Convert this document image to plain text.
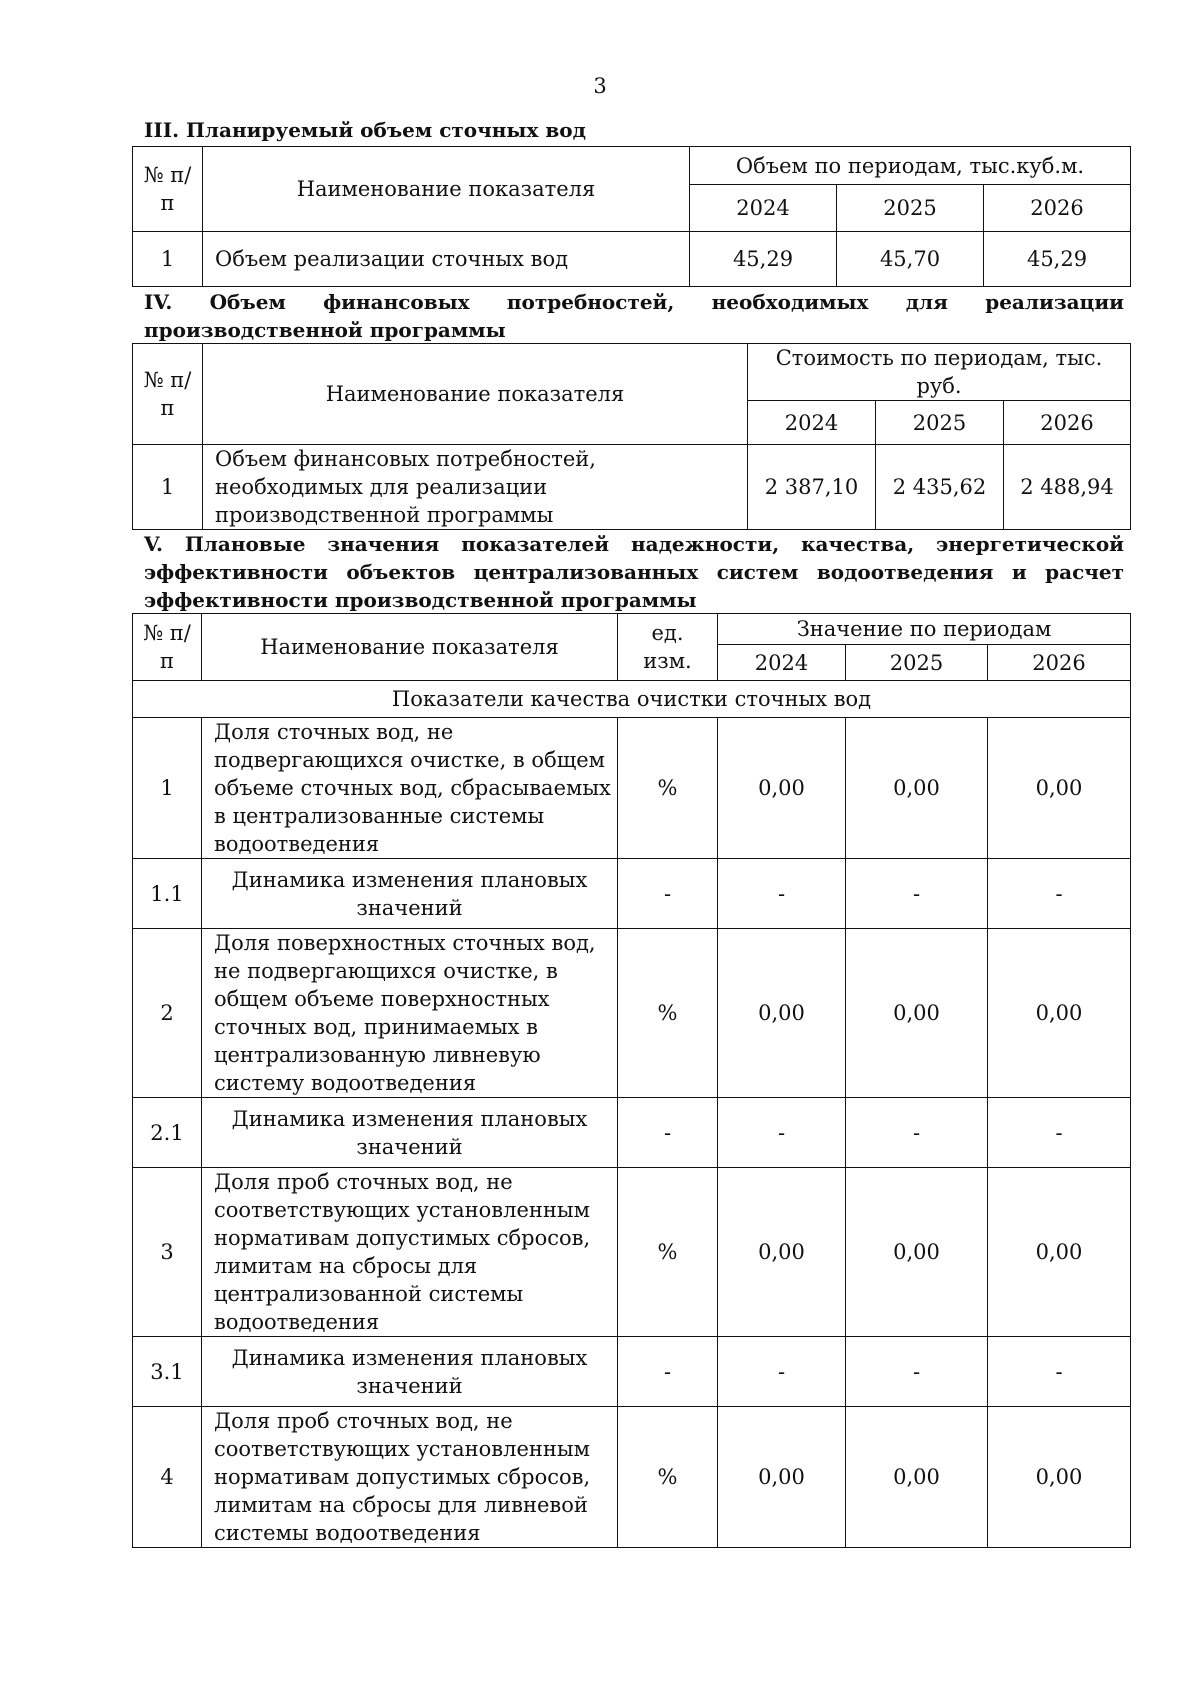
3

III. Планируемый объем сточных вод

№ п/п	Наименование показателя	Объем по периодам, тыс.куб.м.		
		2024	2025	2026
1	Объем реализации сточных вод	45,29	45,70	45,29

IV. Объем финансовых потребностей, необходимых для реализации производственной программы

№ п/п	Наименование показателя	Стоимость по периодам, тыс. руб.		
		2024	2025	2026
1	Объем финансовых потребностей, необходимых для реализации производственной программы	2 387,10	2 435,62	2 488,94

V. Плановые значения показателей надежности, качества, энергетической эффективности объектов централизованных систем водоотведения и расчет эффективности производственной программы

№ п/п	Наименование показателя	ед. изм.	Значение по периодам		
			2024	2025	2026
Показатели качества очистки сточных вод					
1	Доля сточных вод, не подвергающихся очистке, в общем объеме сточных вод, сбрасываемых в централизованные системы водоотведения	%	0,00	0,00	0,00
1.1	Динамика изменения плановых значений	-	-	-	-
2	Доля поверхностных сточных вод, не подвергающихся очистке, в общем объеме поверхностных сточных вод, принимаемых в централизованную ливневую систему водоотведения	%	0,00	0,00	0,00
2.1	Динамика изменения плановых значений	-	-	-	-
3	Доля проб сточных вод, не соответствующих установленным нормативам допустимых сбросов, лимитам на сбросы для централизованной системы водоотведения	%	0,00	0,00	0,00
3.1	Динамика изменения плановых значений	-	-	-	-
4	Доля проб сточных вод, не соответствующих установленным нормативам допустимых сбросов, лимитам на сбросы для ливневой системы водоотведения	%	0,00	0,00	0,00
